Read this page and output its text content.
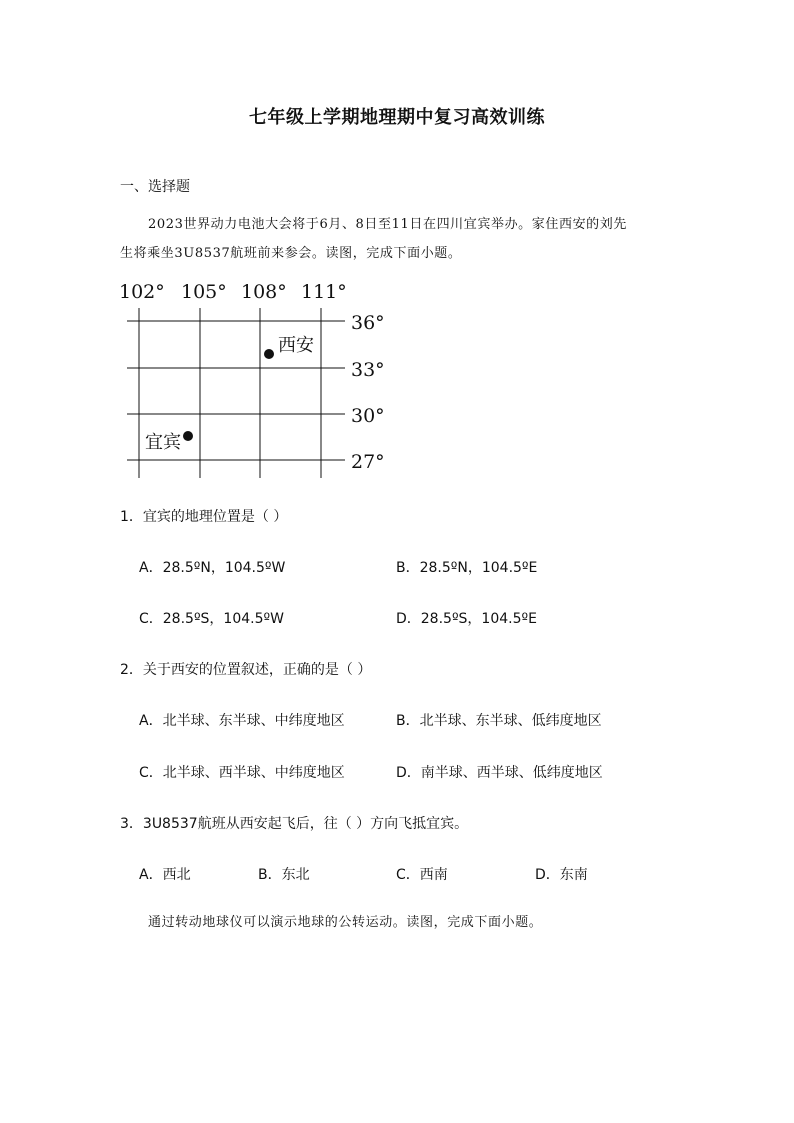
七年级上学期地理期中复习高效训练
一、选择题
2023世界动力电池大会将于6月、8日至11日在四川宜宾举办。家住西安的刘先
生将乘坐3U8537航班前来参会。读图，完成下面小题。
102° 105° 108° 111°
36°
33°
30°
27°
西安
宜宾
1．宜宾的地理位置是（ ）
A．28.5ºN，104.5ºW	B．28.5ºN，104.5ºE
C．28.5ºS，104.5ºW	D．28.5ºS，104.5ºE
2．关于西安的位置叙述，正确的是（ ）
A．北半球、东半球、中纬度地区	B．北半球、东半球、低纬度地区
C．北半球、西半球、中纬度地区	D．南半球、西半球、低纬度地区
3．3U8537航班从西安起飞后，往（ ）方向飞抵宜宾。
A．西北	B．东北	C．西南	D．东南
通过转动地球仪可以演示地球的公转运动。读图，完成下面小题。
